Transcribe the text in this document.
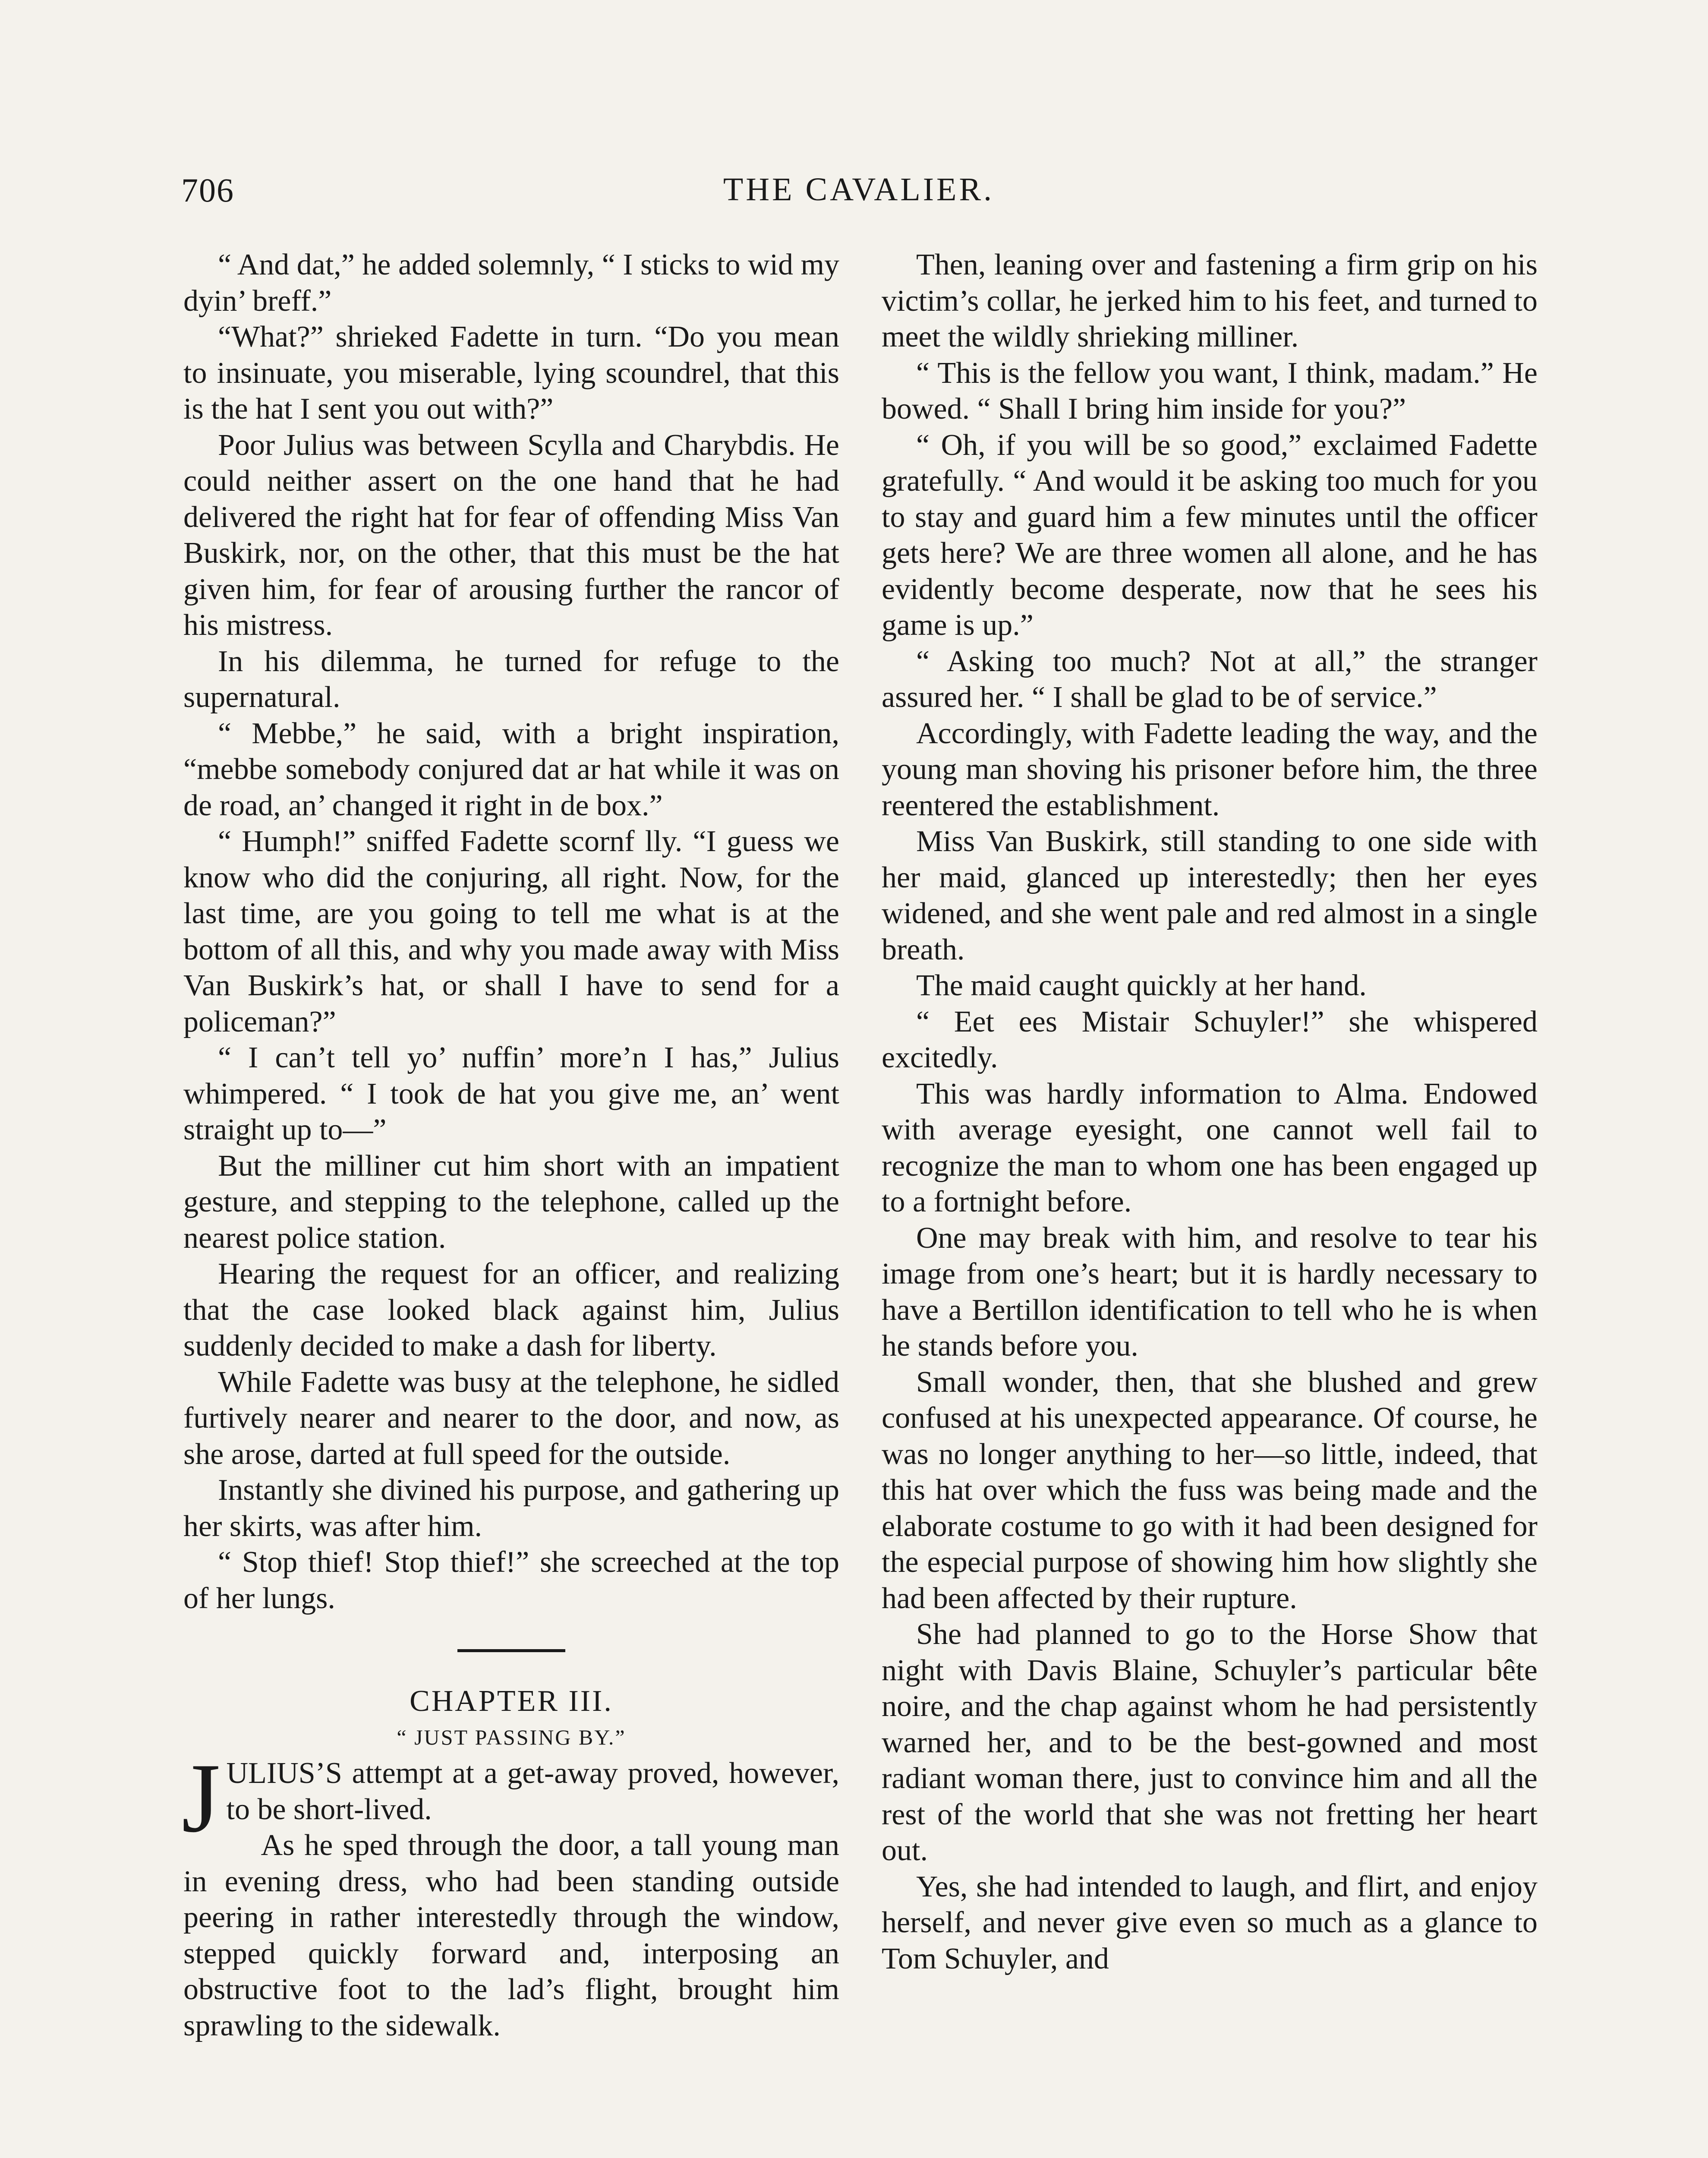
706	THE CAVALIER.

“ And dat,” he added solemnly, “ I sticks to wid my dyin’ breff.”

“What?” shrieked Fadette in turn. “Do you mean to insinuate, you miserable, lying scoundrel, that this is the hat I sent you out with?”

Poor Julius was between Scylla and Charybdis. He could neither assert on the one hand that he had delivered the right hat for fear of offending Miss Van Buskirk, nor, on the other, that this must be the hat given him, for fear of arousing further the rancor of his mistress.

In his dilemma, he turned for refuge to the supernatural.

“ Mebbe,” he said, with a bright inspiration, “mebbe somebody conjured dat ar hat while it was on de road, an’ changed it right in de box.”

“ Humph!” sniffed Fadette scornf lly. “I guess we know who did the conjuring, all right. Now, for the last time, are you going to tell me what is at the bottom of all this, and why you made away with Miss Van Buskirk’s hat, or shall I have to send for a policeman?”

“ I can’t tell yo’ nuffin’ more’n I has,” Julius whimpered. “ I took de hat you give me, an’ went straight up to—”

But the milliner cut him short with an impatient gesture, and stepping to the telephone, called up the nearest police station.

Hearing the request for an officer, and realizing that the case looked black against him, Julius suddenly decided to make a dash for liberty.

While Fadette was busy at the telephone, he sidled furtively nearer and nearer to the door, and now, as she arose, darted at full speed for the outside.

Instantly she divined his purpose, and gathering up her skirts, was after him.

“ Stop thief! Stop thief!” she screeched at the top of her lungs.

CHAPTER III.

“ JUST PASSING BY.”

JULIUS’S attempt at a get-away proved, however, to be short-lived.

As he sped through the door, a tall young man in evening dress, who had been standing outside peering in rather interestedly through the window, stepped quickly forward and, interposing an obstructive foot to the lad’s flight, brought him sprawling to the sidewalk.

Then, leaning over and fastening a firm grip on his victim’s collar, he jerked him to his feet, and turned to meet the wildly shrieking milliner.

“ This is the fellow you want, I think, madam.” He bowed. “ Shall I bring him inside for you?”

“ Oh, if you will be so good,” exclaimed Fadette gratefully. “ And would it be asking too much for you to stay and guard him a few minutes until the officer gets here? We are three women all alone, and he has evidently become desperate, now that he sees his game is up.”

“ Asking too much? Not at all,” the stranger assured her. “ I shall be glad to be of service.”

Accordingly, with Fadette leading the way, and the young man shoving his prisoner before him, the three reentered the establishment.

Miss Van Buskirk, still standing to one side with her maid, glanced up interestedly; then her eyes widened, and she went pale and red almost in a single breath.

The maid caught quickly at her hand.

“ Eet ees Mistair Schuyler!” she whispered excitedly.

This was hardly information to Alma. Endowed with average eyesight, one cannot well fail to recognize the man to whom one has been engaged up to a fortnight before.

One may break with him, and resolve to tear his image from one’s heart; but it is hardly necessary to have a Bertillon identification to tell who he is when he stands before you.

Small wonder, then, that she blushed and grew confused at his unexpected appearance. Of course, he was no longer anything to her—so little, indeed, that this hat over which the fuss was being made and the elaborate costume to go with it had been designed for the especial purpose of showing him how slightly she had been affected by their rupture.

She had planned to go to the Horse Show that night with Davis Blaine, Schuyler’s particular bête noire, and the chap against whom he had persistently warned her, and to be the best-gowned and most radiant woman there, just to convince him and all the rest of the world that she was not fretting her heart out.

Yes, she had intended to laugh, and flirt, and enjoy herself, and never give even so much as a glance to Tom Schuyler, and
